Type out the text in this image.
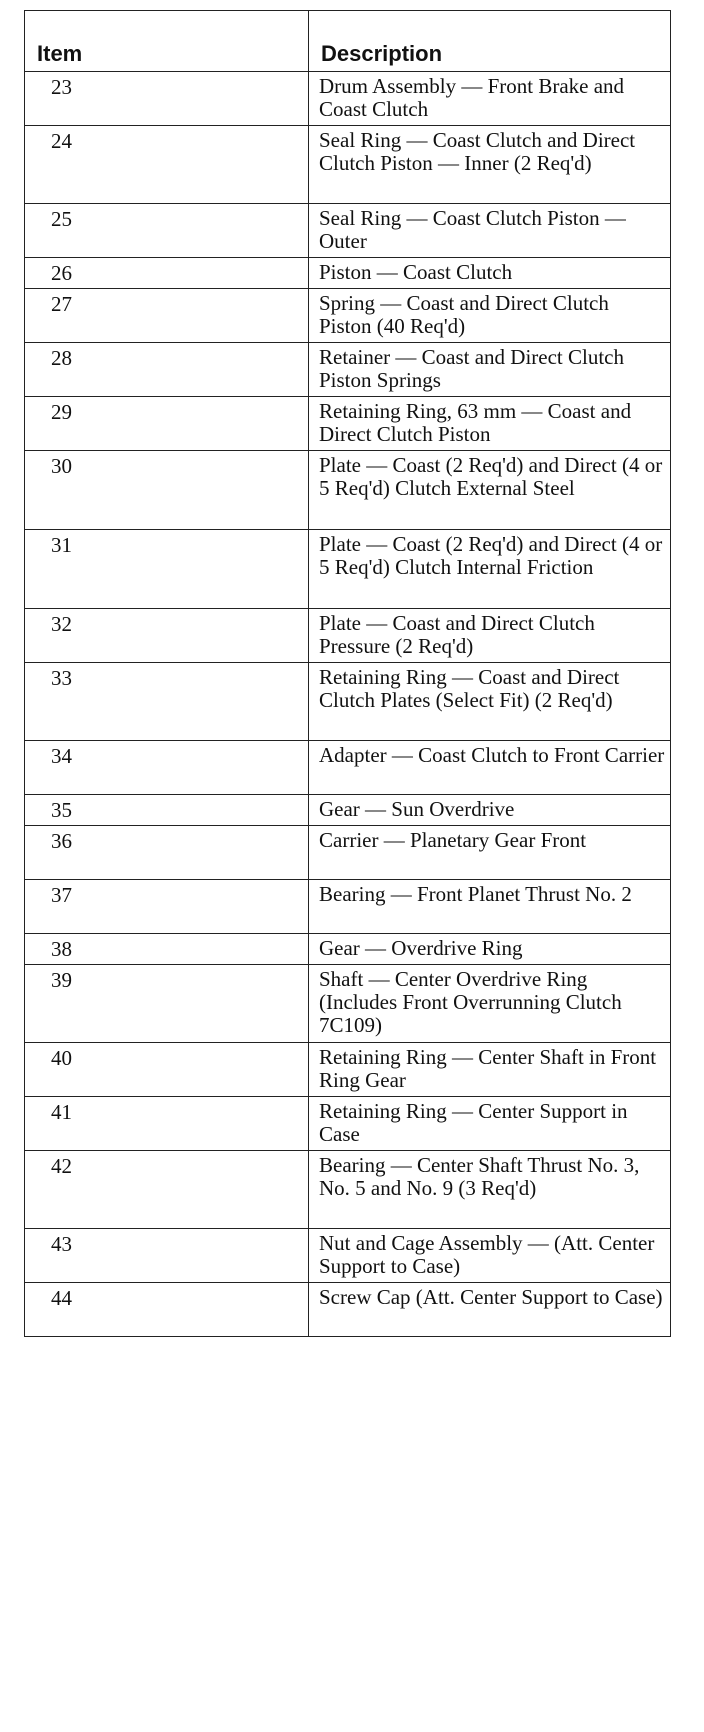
Item	Description
23	Drum Assembly — Front Brake and Coast Clutch
24	Seal Ring — Coast Clutch and Direct Clutch Piston — Inner (2 Req'd)
25	Seal Ring — Coast Clutch Piston — Outer
26	Piston — Coast Clutch
27	Spring — Coast and Direct Clutch Piston (40 Req'd)
28	Retainer — Coast and Direct Clutch Piston Springs
29	Retaining Ring, 63 mm — Coast and Direct Clutch Piston
30	Plate — Coast (2 Req'd) and Direct (4 or 5 Req'd) Clutch External Steel
31	Plate — Coast (2 Req'd) and Direct (4 or 5 Req'd) Clutch Internal Friction
32	Plate — Coast and Direct Clutch Pressure (2 Req'd)
33	Retaining Ring — Coast and Direct Clutch Plates (Select Fit) (2 Req'd)
34	Adapter — Coast Clutch to Front Carrier
35	Gear — Sun Overdrive
36	Carrier — Planetary Gear Front
37	Bearing — Front Planet Thrust No. 2
38	Gear — Overdrive Ring
39	Shaft — Center Overdrive Ring (Includes Front Overrunning Clutch 7C109)
40	Retaining Ring — Center Shaft in Front Ring Gear
41	Retaining Ring — Center Support in Case
42	Bearing — Center Shaft Thrust No. 3, No. 5 and No. 9 (3 Req'd)
43	Nut and Cage Assembly — (Att. Center Support to Case)
44	Screw Cap (Att. Center Support to Case)
